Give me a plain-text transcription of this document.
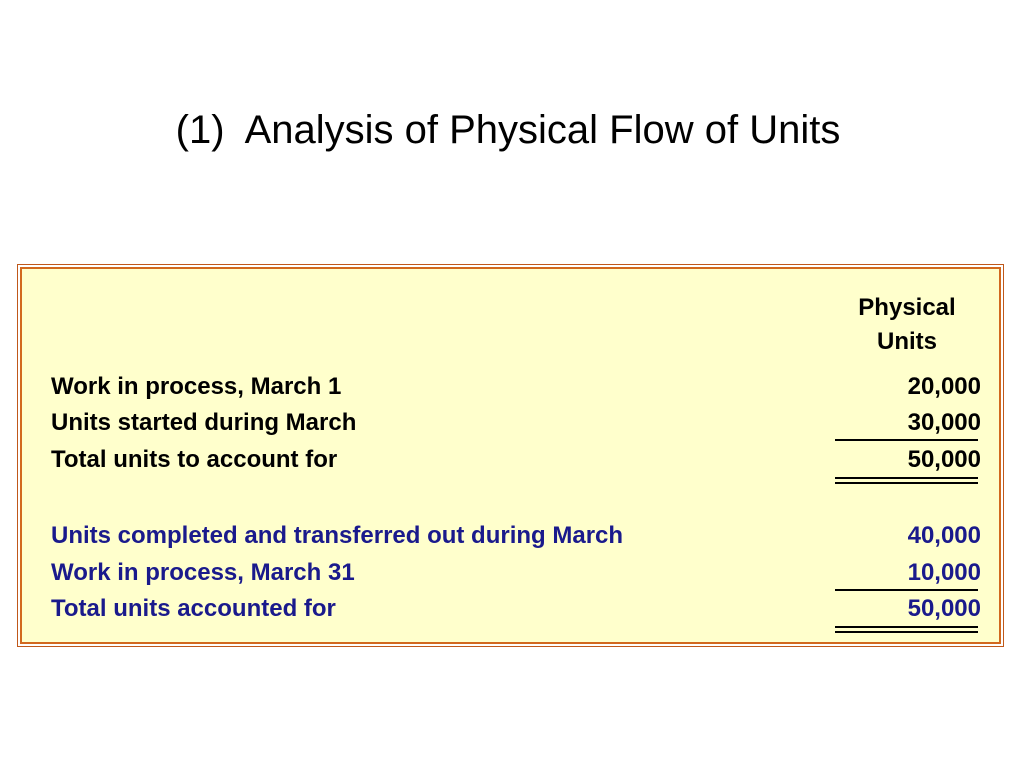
(1)  Analysis of Physical Flow of Units
Physical
Units
Work in process, March 1	20,000
Units started during March	30,000
Total units to account for	50,000
Units completed and transferred out during March	40,000
Work in process, March 31	10,000
Total units accounted for	50,000
